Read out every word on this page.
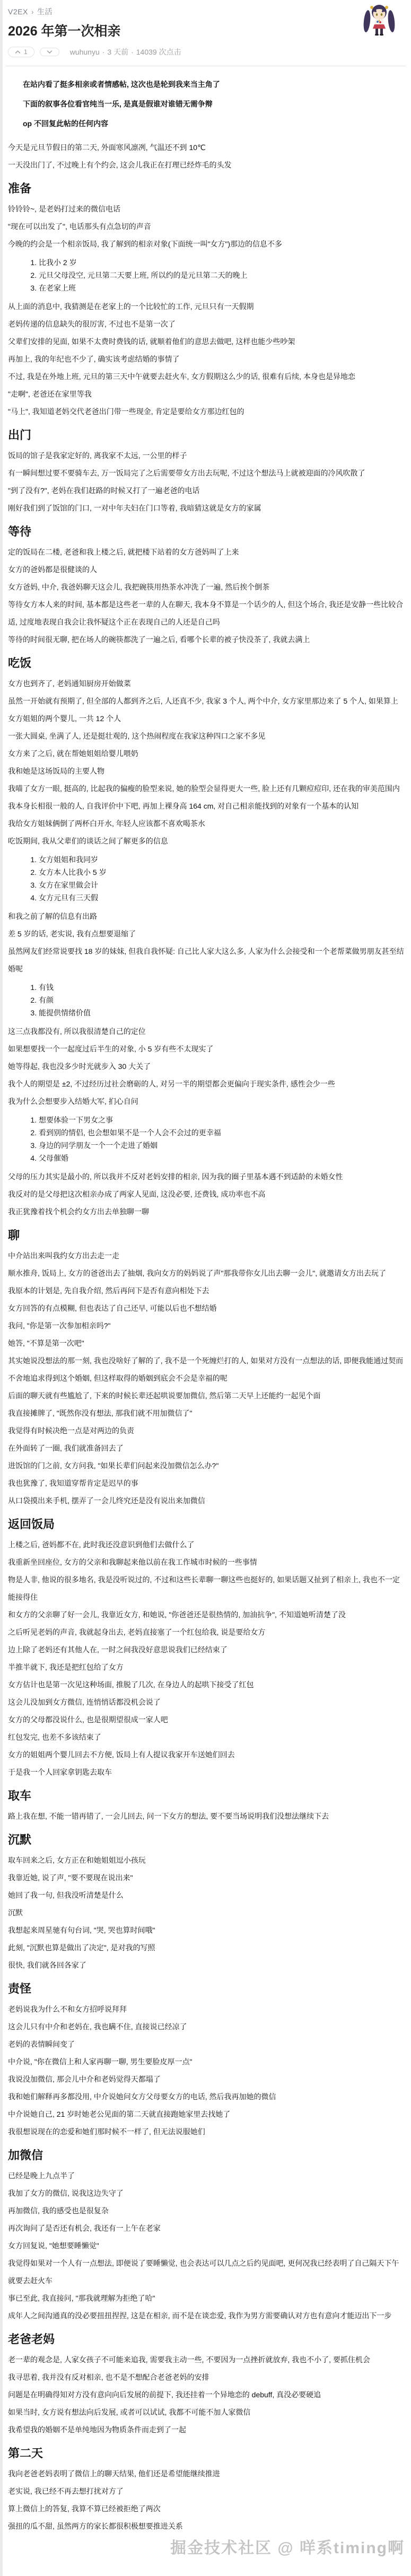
V2EX › 生活
2026 年第一次相亲
1	wuhunyu · 3 天前 · 14039 次点击

在站内看了挺多相亲或者情感帖, 这次也是轮到我来当主角了

下面的叙事各位看官纯当一乐, 是真是假谁对谁错无需争辩

op 不回复此帖的任何内容

今天是元旦节假日的第二天, 外面寒风凛冽, 气温还不到 10℃

一天没出门了, 不过晚上有个约会, 这会儿我正在打理已经炸毛的头发

准备

铃铃铃~, 是老妈打过来的微信电话

"现在可以出发了", 电话那头有点急切的声音

今晚的约会是一个相亲饭局, 我了解到的相亲对象(下面统一叫"女方")那边的信息不多

1. 比我小 2 岁
2. 元旦父母没空, 元旦第二天要上班, 所以约的是元旦第二天的晚上
3. 在老家上班

从上面的消息中, 我猜测是在老家上的一个比较忙的工作, 元旦只有一天假期

老妈传递的信息缺失的很厉害, 不过也不是第一次了

父辈们安排的见面, 如果不太费时费钱的话, 就顺着他们的意思去做吧, 这样也能少些吵架

再加上, 我的年纪也不少了, 确实该考虑结婚的事情了

不过, 我是在外地上班, 元旦的第三天中午就要去赶火车, 女方假期这么少的话, 很难有后续, 本身也是异地恋

"走啊", 老爸还在家里等我

"马上", 我知道老妈交代老爸出门带一些现金, 肯定是要给女方那边红包的

出门

饭局的馆子是我家定好的, 离我家不太远, 一公里的样子

有一瞬间想过要不要骑车去, 万一饭局完了之后需要带女方出去玩呢, 不过这个想法马上就被迎面的冷风吹散了

"到了没有?", 老妈在我们赶路的时候又打了一遍老爸的电话

刚好我们到了饭馆的门口, 一对中年夫妇在门口等着, 我暗猜这就是女方的家属

等待

定的饭局在二楼, 老爸和我上楼之后, 就把楼下站着的女方爸妈叫了上来

女方的爸妈都是很健谈的人

女方爸妈, 中介, 我爸妈聊天这会儿, 我把碗筷用热茶水冲洗了一遍, 然后挨个倒茶

等待女方本人来的时间, 基本都是这些老一辈的人在聊天, 我本身不算是一个话少的人, 但这个场合, 我还是安静一些比较合适, 过度地表现自我会让我怀疑这个正在表现自己的人还是自己吗

等待的时间很无聊, 把在场人的碗筷都洗了一遍之后, 看哪个长辈的被子快没茶了, 我就去满上

吃饭

女方也到齐了, 老妈通知厨房开始做菜

虽然一开始就有预期了, 但全部的人都到齐之后, 人还真不少, 我家 3 个人, 两个中介, 女方家里那边来了 5 个人, 如果算上女方姐姐的两个婴儿, 一共 12 个人

一张大圆桌, 坐满了人, 还是挺壮观的, 这个热闹程度在我家这种四口之家不多见

女方来了之后, 就在帮她姐姐给婴儿喂奶

我和她是这场饭局的主要人物

我喵了女方一眼, 挺高的, 比起我的偏瘦的脸型来说, 她的脸型会显得更大一些, 脸上还有几颗痘痘印, 还在我的审美范围内

我本身长相很一般的人, 自我评价中下吧, 再加上裸身高 164 cm, 对自己相亲能找到的对象有一个基本的认知

我给女方姐妹俩倒了两杯白开水, 年轻人应该都不喜欢喝茶水

吃饭期间, 我从父辈们的谈话之间了解更多的信息

1. 女方姐姐和我同岁
2. 女方本人比我小 5 岁
3. 女方在家里做会计
4. 女方元旦有三天假

和我之前了解的信息有出路

差 5 岁的话, 老实说, 我有点想要退缩了

虽然网友们经常说要找 18 岁的妹妹, 但我自我怀疑: 自己比人家大这么多, 人家为什么会接受和一个老帮菜做男朋友甚至结婚呢

1. 有钱
2. 有颜
3. 能提供情绪价值

这三点我都没有, 所以我很清楚自己的定位

如果想要找一个一起度过后半生的对象, 小 5 岁有些不太现实了

她等得起, 我也没多少时光就步入 30 大关了

我个人的期望是 ±2, 不过经历过社会磨砺的人, 对另一半的期望都会更偏向于现实条件, 感性会少一些

我为什么会想要步入结婚大军, 扪心自问

1. 想要体验一下男女之事
2. 看到别的情侣, 也会想如果不是一个人会不会过的更幸福
3. 身边的同学朋友一个一个走进了婚姻
4. 父母催婚

父母的压力其实是最小的, 所以我并不反对老妈安排的相亲, 因为我的圈子里基本遇不到适龄的未婚女性

我反对的是父母把这次相亲办成了两家人见面, 这没必要, 还费钱, 成功率也不高

我正犹豫着找个机会约女方出去单独聊一聊

聊

中介站出来叫我约女方出去走一走

顺水推舟, 饭局上, 女方的爸爸出去了抽烟, 我向女方的妈妈说了声"那我带你女儿出去聊一会儿", 就邀请女方出去玩了

我原本的计划是, 先自我介绍, 然后再问下是否有意向相处下去

女方回答的有点模糊, 但也表达了自己还早, 可能以后也不想结婚

我问, "你是第一次参加相亲吗?"

她答, "不算是第一次吧"

其实她说没想法的那一刻, 我也没啥好了解的了, 我不是一个死缠烂打的人, 如果对方没有一点想法的话, 即便我能通过契而不舍地追求得到这个婚姻, 但这样取得的婚姻到底会不会是幸福的呢

后面的聊天就有些尴尬了, 下来的时候长辈还起哄说要加微信, 然后第二天早上还能约一起见个面

我直接摊牌了, "既然你没有想法, 那我们就不用加微信了"

我觉得有时候决绝一点是对两边的负责

在外面转了一圈, 我们就准备回去了

进饭馆的门之前, 女方问我, "如果长辈们问起来没加微信怎么办?"

我也犹豫了, 我知道穿帮肯定是迟早的事

从口袋摸出来手机, 摆弄了一会儿终究还是没有说出来加微信

返回饭局

上楼之后, 爸妈都不在, 此时我还没意识到他们去做什么了

我重新坐回座位, 女方的父亲和我聊起来他以前在我工作城市时候的一些事情

物是人非, 他说的很多地名, 我是没听说过的, 不过和这些长辈聊一聊这些也挺好的, 如果话题又扯到了相亲上, 我也不一定能接得住

和女方的父亲聊了好一会儿, 我靠近女方, 和她说, "你爸爸还是很热情的, 加油抗争", 不知道她听清楚了没

之后听见老妈的声音, 我就起身出去, 老妈直接塞了一个红包给我, 说是要给女方

边上除了老妈还有其他人在, 一时之间我没好意思说我们已经结束了

半推半就下, 我还是把红包给了女方

女方估计也是第一次见这种场面, 推脱了几次, 在身边人的起哄下接受了红包

这会儿没加到女方微信, 连悄悄话都没机会说了

女方的父母都没说什么, 也是很期望很成一家人吧

红包发完, 也差不多该结束了

女方的姐姐两个婴儿回去不方便, 饭局上有人提议我家开车送她们回去

于是我一个人回家拿钥匙去取车

取车

路上我在想, 不能一错再错了, 一会儿回去, 问一下女方的想法, 要不要当场说明我们没想法继续下去

沉默

取车回来之后, 女方正在和她姐姐逗小孩玩

我靠近她, 说了声, "要不要现在说出来"

她回了我一句, 但我没听清楚是什么

沉默

我想起来周星驰有句台词, "哭, 哭也算时间哦"

此刻, "沉默也算是做出了决定", 是对我的写照

很快, 我们就各回各家了

责怪

老妈说我为什么不和女方招呼说拜拜

这会儿只有中介和老妈在, 我也瞒不住, 直接说已经凉了

老妈的表情瞬间变了

中介说, "你在微信上和人家再聊一聊, 男生要脸皮厚一点"

我说没加微信, 那会儿中介和老妈觉得天都塌了

我和她们解释再多都没用, 中介说她问女方父母要女方的电话, 然后我再加她的微信

中介说她自己, 21 岁时她老公见面的第二天就直接跑她家里去找她了

我很想说现在的恋爱和她们那时候不一样了, 但无法说服她们

加微信

已经是晚上九点半了

我加了女方的微信, 说我这边失守了

再加微信, 我的感受也是很复杂

再次询问了是否还有机会, 我还有一上午在老家

女方回复说, "她想要睡懒觉"

我觉得如果对一个人有一点想法, 即便说了要睡懒觉, 也会表达可以几点之后约见面吧, 更何况我已经表明了自己隔天下午就要去赶火车

事已至此, 我直接问, "那我就理解为拒绝了哈"

成年人之间沟通真的没必要扭扭捏捏, 这是在相亲, 而不是在谈恋爱, 我作为男方需要确认对方也有意向才能迈出下一步

老爸老妈

老一辈的观念是, 人家女孩子不可能来追我, 需要我主动一些, 不要因为一点挫折就放弃, 我也不小了, 要抓住机会

我寻思着, 我并没有反对相亲, 也不是不想配合老爸老妈的安排

问题是在明确得知对方没有意向向后发展的前提下, 我还挂着一个异地恋的 debuff, 真没必要硬追

如果当时, 女方说有想法向后发展, 或者可以试试, 我都不可能不加人家微信

我希望我的婚姻不是单纯地因为物质条件而走到了一起

第二天

我向老爸老妈表明了微信上的聊天结果, 他们还是希望能继续推进

老实说, 我已经不再去想打扰对方了

算上微信上的答复, 我算不算已经被拒绝了两次

强扭的瓜不甜, 虽然两方的家长都很积极想要推进关系

掘金技术社区 @ 咩系timing啊
